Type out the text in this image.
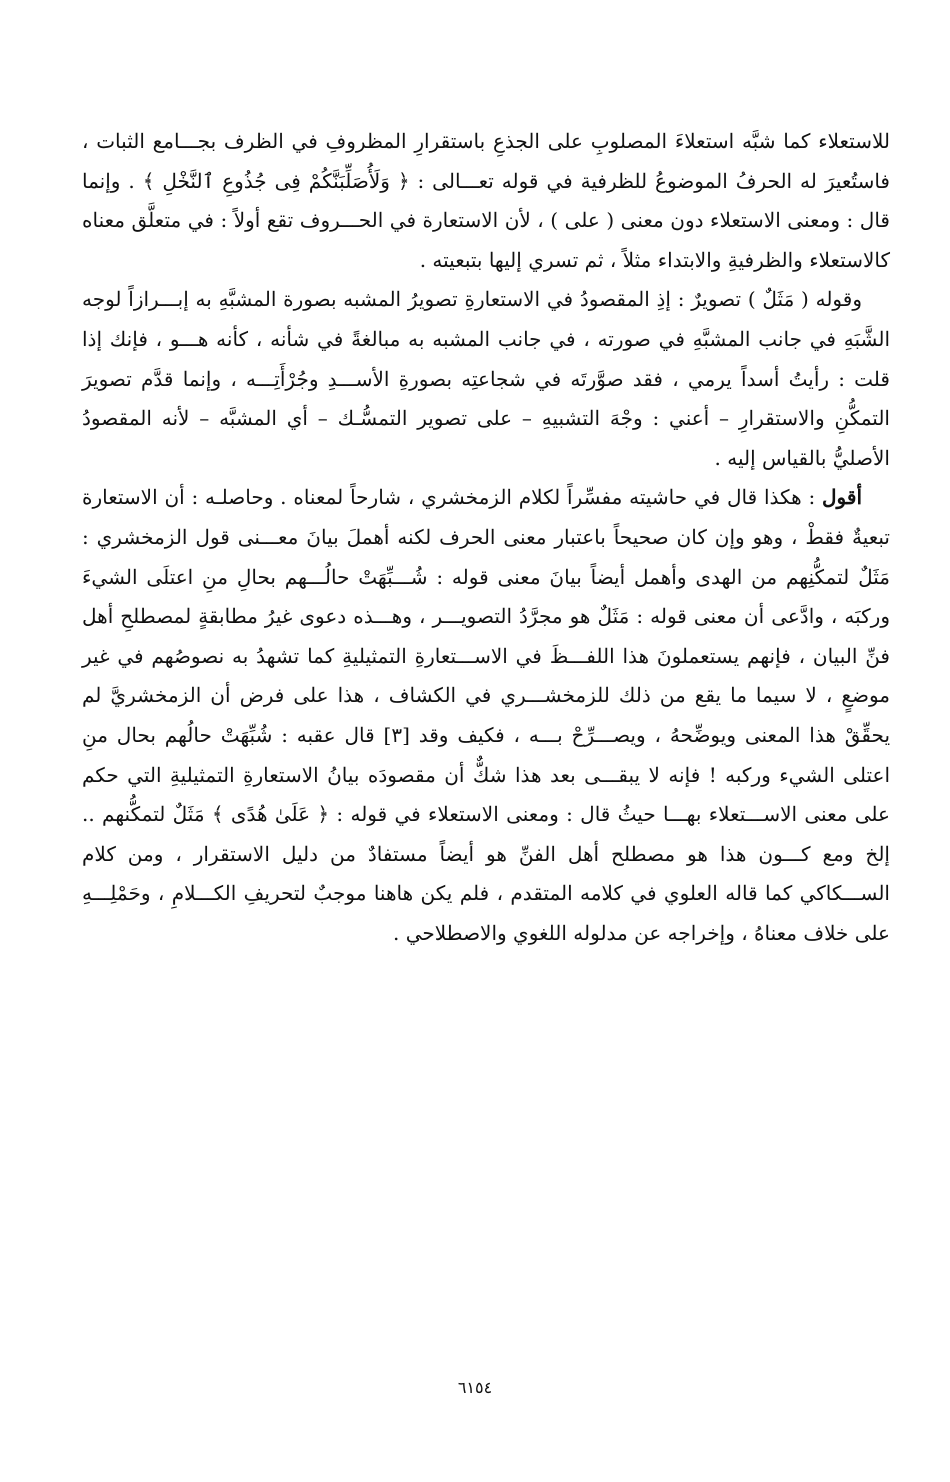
للاستعلاء كما شبَّه استعلاءَ المصلوبِ على الجذعِ باستقرارِ المظروفِ في الظرف بجـــامع الثبات ، فاستُعيرَ له الحرفُ الموضوعُ للظرفية في قوله تعـــالى : ﴿ وَلَأُصَلِّبَنَّكُمْ فِى جُذُوعِ ٱلنَّخْلِ ﴾ . وإنما قال : ومعنى الاستعلاء دون معنى ( على ) ، لأن الاستعارة في الحـــروف تقع أولاً : في متعلَّق معناه كالاستعلاء والظرفيةِ والابتداء مثلاً ، ثم تسري إليها بتبعيته .

وقوله ( مَثَلٌ ) تصويرٌ : إذِ المقصودُ في الاستعارةِ تصويرُ المشبه بصورة المشبَّهِ به إبـــرازاً لوجه الشَّبَهِ في جانب المشبَّهِ في صورته ، في جانب المشبه به مبالغةً في شأنه ، كأنه هـــو ، فإنك إذا قلت : رأيتُ أسداً يرمي ، فقد صوَّرتَه في شجاعتِه بصورةِ الأســـدِ وجُرْأَتِـــه ، وإنما قدَّم تصويرَ التمكُّنِ والاستقرارِ – أعني : وجْهَ التشبيهِ – على تصوير التمسُّـك – أي المشبَّه – لأنه المقصودُ الأصليُّ بالقياس إليه .

أقول : هكذا قال في حاشيته مفسِّراً لكلام الزمخشري ، شارحاً لمعناه . وحاصلـه : أن الاستعارة تبعيةٌ فقطْ ، وهو وإن كان صحيحاً باعتبار معنى الحرف لكنه أهملَ بيانَ معـــنى قول الزمخشري : مَثَلٌ لتمكُّنِهم من الهدى وأهمل أيضاً بيانَ معنى قوله : شُـــبِّهَتْ حالُـــهم بحالِ منِ اعتلَى الشيءَ وركبَه ، وادَّعى أن معنى قوله : مَثَلٌ هو مجرَّدُ التصويـــر ، وهـــذه دعوى غيرُ مطابقةٍ لمصطلحِ أهل فنِّ البيان ، فإنهم يستعملونَ هذا اللفـــظَ في الاســـتعارةِ التمثيليةِ كما تشهدُ به نصوصُهم في غير موضعٍ ، لا سيما ما يقع من ذلك للزمخشـــري في الكشاف ، هذا على فرض أن الزمخشريَّ لم يحقِّقْ هذا المعنى ويوضِّحهُ ، ويصـــرِّحْ بـــه ، فكيف وقد [٣] قال عقبه : شُبِّهَتْ حالُهم بحال منِ اعتلى الشيء وركبه ! فإنه لا يبقـــى بعد هذا شكٌّ أن مقصودَه بيانُ الاستعارةِ التمثيليةِ التي حكم على معنى الاســـتعلاء بهـــا حيثُ قال : ومعنى الاستعلاء في قوله : ﴿ عَلَىٰ هُدًى ﴾ مَثَلٌ لتمكُّنهم .. إلخ ومع كـــون هذا هو مصطلح أهل الفنِّ هو أيضاً مستفادٌ من دليل الاستقرار ، ومن كلام الســـكاكي كما قاله العلوي في كلامه المتقدم ، فلم يكن هاهنا موجبٌ لتحريفِ الكـــلامِ ، وحَمْلِـــهِ على خلاف معناهُ ، وإخراجه عن مدلوله اللغوي والاصطلاحي .

٦١٥٤
